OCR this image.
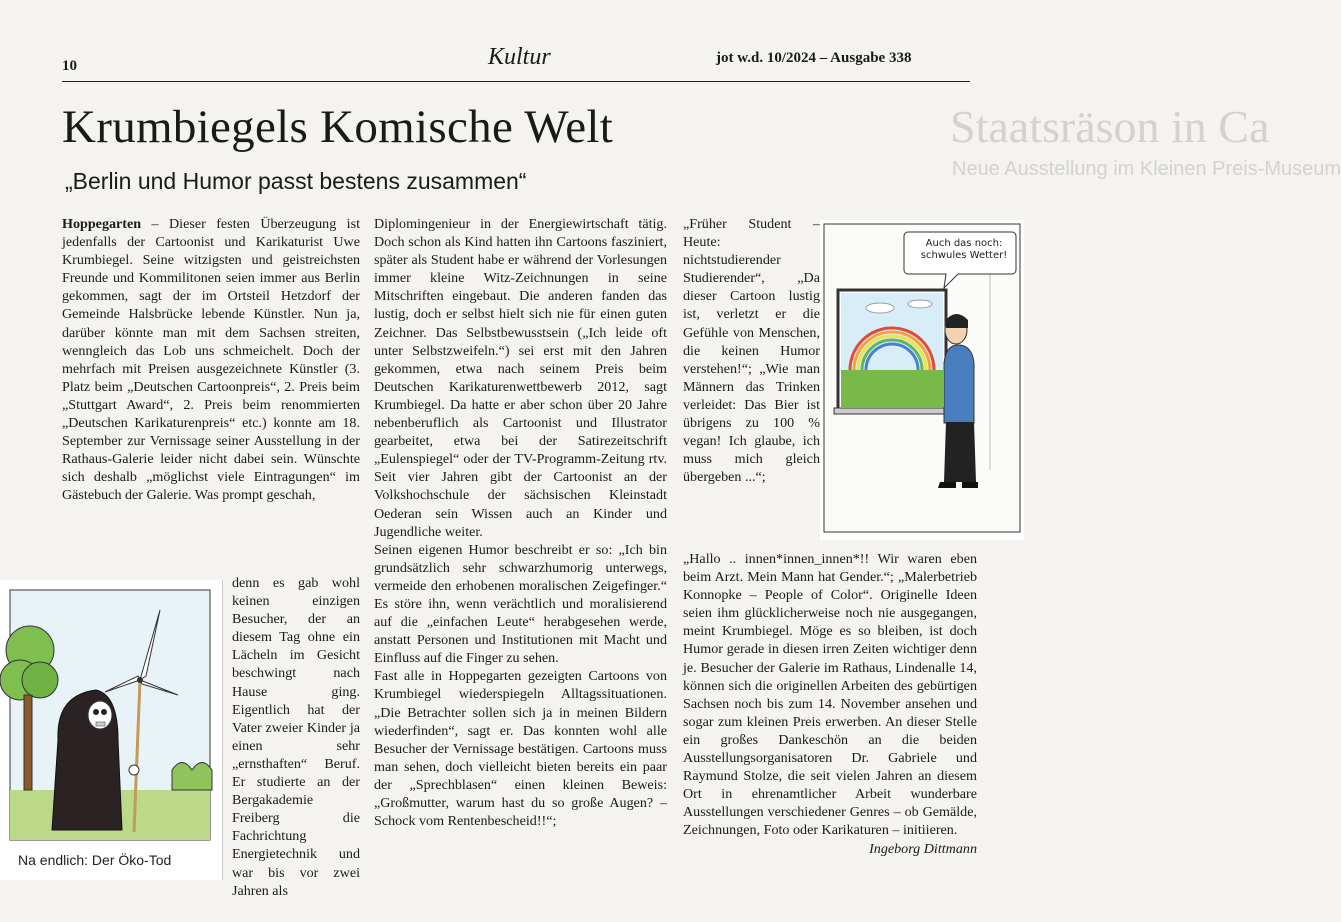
Staatsräson in Ca
Neue Ausstellung im Kleinen Preis-Museum
10	Kultur	jot w.d. 10/2024 – Ausgabe 338
Krumbiegels Komische Welt
„Berlin und Humor passt bestens zusammen“

Hoppegarten – Dieser festen Überzeugung ist jedenfalls der Cartoonist und Karikaturist Uwe Krumbiegel. Seine witzigsten und geistreichsten Freunde und Kommilitonen seien immer aus Berlin gekommen, sagt der im Ortsteil Hetzdorf der Gemeinde Halsbrücke lebende Künstler. Nun ja, darüber könnte man mit dem Sachsen streiten, wenngleich das Lob uns schmeichelt. Doch der mehrfach mit Preisen ausgezeichnete Künstler (3. Platz beim „Deutschen Cartoonpreis“, 2. Preis beim „Stuttgart Award“, 2. Preis beim renommierten „Deutschen Karikaturenpreis“ etc.) konnte am 18. September zur Vernissage seiner Ausstellung in der Rathaus-Galerie leider nicht dabei sein. Wünschte sich deshalb „möglichst viele Eintragungen“ im Gästebuch der Galerie. Was prompt geschah,

denn es gab wohl keinen einzigen Besucher, der an diesem Tag ohne ein Lächeln im Gesicht beschwingt nach Hause ging. Eigentlich hat der Vater zweier Kinder ja einen sehr „ernsthaften“ Beruf. Er studierte an der Bergakademie Freiberg die Fachrichtung Energietechnik und war bis vor zwei Jahren als

Diplomingenieur in der Energiewirtschaft tätig. Doch schon als Kind hatten ihn Cartoons fasziniert, später als Student habe er während der Vorlesungen immer kleine Witz-Zeichnungen in seine Mitschriften eingebaut. Die anderen fanden das lustig, doch er selbst hielt sich nie für einen guten Zeichner. Das Selbstbewusstsein („Ich leide oft unter Selbstzweifeln.“) sei erst mit den Jahren gekommen, etwa nach seinem Preis beim Deutschen Karikaturenwettbewerb 2012, sagt Krumbiegel. Da hatte er aber schon über 20 Jahre nebenberuflich als Cartoonist und Illustrator gearbeitet, etwa bei der Satirezeitschrift „Eulenspiegel“ oder der TV-Programm-Zeitung rtv. Seit vier Jahren gibt der Cartoonist an der Volkshochschule der sächsischen Kleinstadt Oederan sein Wissen auch an Kinder und Jugendliche weiter.

Seinen eigenen Humor beschreibt er so: „Ich bin grundsätzlich sehr schwarzhumorig unterwegs, vermeide den erhobenen moralischen Zeigefinger.“ Es störe ihn, wenn verächtlich und moralisierend auf die „einfachen Leute“ herabgesehen werde, anstatt Personen und Institutionen mit Macht und Einfluss auf die Finger zu sehen.

Fast alle in Hoppegarten gezeigten Cartoons von Krumbiegel wiederspiegeln Alltagssituationen. „Die Betrachter sollen sich ja in meinen Bildern wiederfinden“, sagt er. Das konnten wohl alle Besucher der Vernissage bestätigen. Cartoons muss man sehen, doch vielleicht bieten bereits ein paar der „Sprechblasen“ einen kleinen Beweis: „Großmutter, warum hast du so große Augen? – Schock vom Rentenbescheid!!“;

„Früher Student – Heute: nichtstudierender Studierender“, „Da dieser Cartoon lustig ist, verletzt er die Gefühle von Menschen, die keinen Humor verstehen!“; „Wie man Männern das Trinken verleidet: Das Bier ist übrigens zu 100 % vegan! Ich glaube, ich muss mich gleich übergeben ...“;

„Hallo .. innen*innen_innen*!! Wir waren eben beim Arzt. Mein Mann hat Gender.“; „Malerbetrieb Konnopke – People of Color“. Originelle Ideen seien ihm glücklicherweise noch nie ausgegangen, meint Krumbiegel. Möge es so bleiben, ist doch Humor gerade in diesen irren Zeiten wichtiger denn je. Besucher der Galerie im Rathaus, Lindenalle 14, können sich die originellen Arbeiten des gebürtigen Sachsen noch bis zum 14. November ansehen und sogar zum kleinen Preis erwerben. An dieser Stelle ein großes Dankeschön an die beiden Ausstellungsorganisatoren Dr. Gabriele und Raymund Stolze, die seit vielen Jahren an diesem Ort in ehrenamtlicher Arbeit wunderbare Ausstellungen verschiedener Genres – ob Gemälde, Zeichnungen, Foto oder Karikaturen – initiieren.
Ingeborg Dittmann

Na endlich: Der Öko-Tod
Auch das noch: schwules Wetter!
